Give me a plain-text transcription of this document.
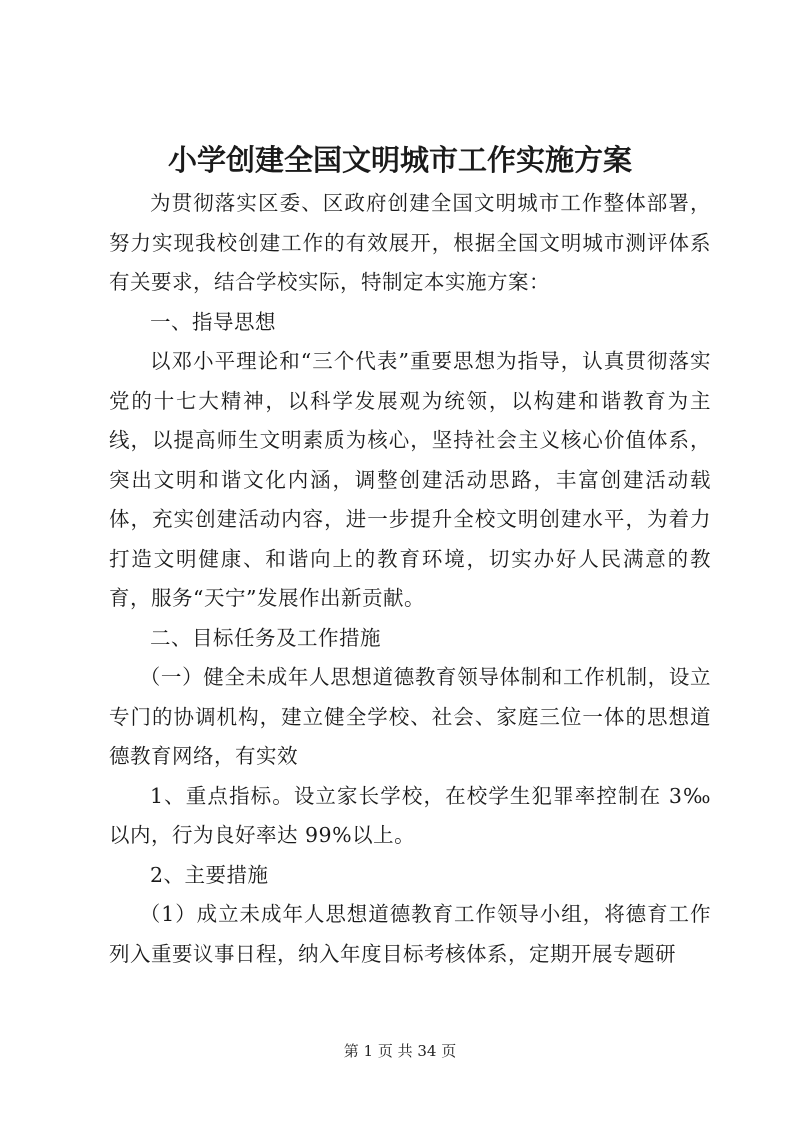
小学创建全国文明城市工作实施方案

为贯彻落实区委、区政府创建全国文明城市工作整体部署，努力实现我校创建工作的有效展开，根据全国文明城市测评体系有关要求，结合学校实际，特制定本实施方案：

一、指导思想

以邓小平理论和“三个代表”重要思想为指导，认真贯彻落实党的十七大精神，以科学发展观为统领，以构建和谐教育为主线，以提高师生文明素质为核心，坚持社会主义核心价值体系，突出文明和谐文化内涵，调整创建活动思路，丰富创建活动载体，充实创建活动内容，进一步提升全校文明创建水平，为着力打造文明健康、和谐向上的教育环境，切实办好人民满意的教育，服务“天宁”发展作出新贡献。

二、目标任务及工作措施

（一）健全未成年人思想道德教育领导体制和工作机制，设立专门的协调机构，建立健全学校、社会、家庭三位一体的思想道德教育网络，有实效

1、重点指标。设立家长学校，在校学生犯罪率控制在 3‰以内，行为良好率达 99%以上。

2、主要措施

（1）成立未成年人思想道德教育工作领导小组，将德育工作列入重要议事日程，纳入年度目标考核体系，定期开展专题研

第 1 页 共 34 页
